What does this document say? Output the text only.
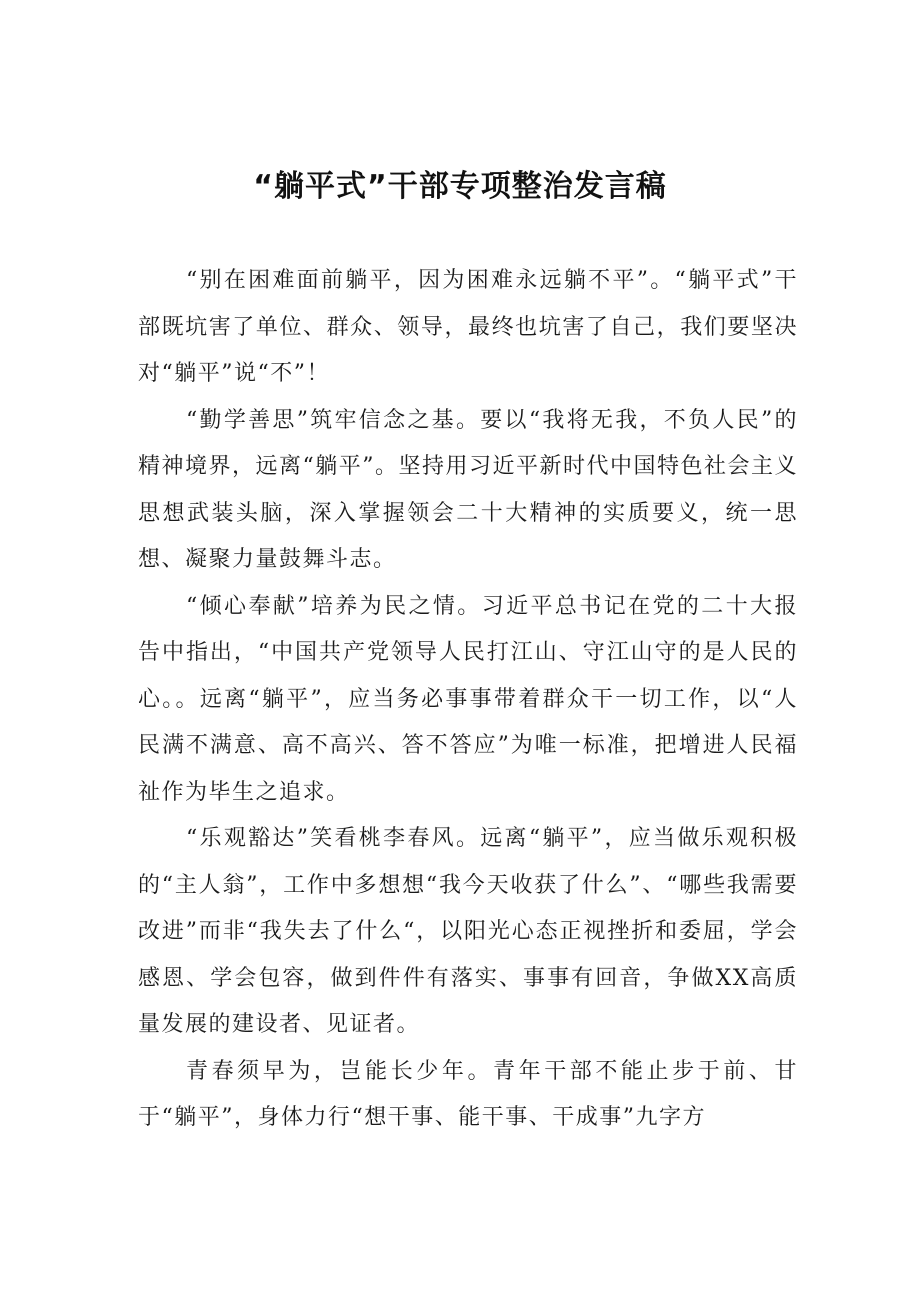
“躺平式”干部专项整治发言稿

“别在困难面前躺平，因为困难永远躺不平”。“躺平式”干部既坑害了单位、群众、领导，最终也坑害了自己，我们要坚决对“躺平”说“不”！

“勤学善思”筑牢信念之基。要以“我将无我，不负人民”的精神境界，远离“躺平”。坚持用习近平新时代中国特色社会主义思想武装头脑，深入掌握领会二十大精神的实质要义，统一思想、凝聚力量鼓舞斗志。

“倾心奉献”培养为民之情。习近平总书记在党的二十大报告中指出，“中国共产党领导人民打江山、守江山守的是人民的心。。远离“躺平”，应当务必事事带着群众干一切工作，以“人民满不满意、高不高兴、答不答应”为唯一标准，把增进人民福祉作为毕生之追求。

“乐观豁达”笑看桃李春风。远离“躺平”，应当做乐观积极的“主人翁”，工作中多想想“我今天收获了什么”、“哪些我需要改进”而非“我失去了什么“，以阳光心态正视挫折和委屈，学会感恩、学会包容，做到件件有落实、事事有回音，争做XX高质量发展的建设者、见证者。

青春须早为，岂能长少年。青年干部不能止步于前、甘于“躺平”，身体力行“想干事、能干事、干成事”九字方
